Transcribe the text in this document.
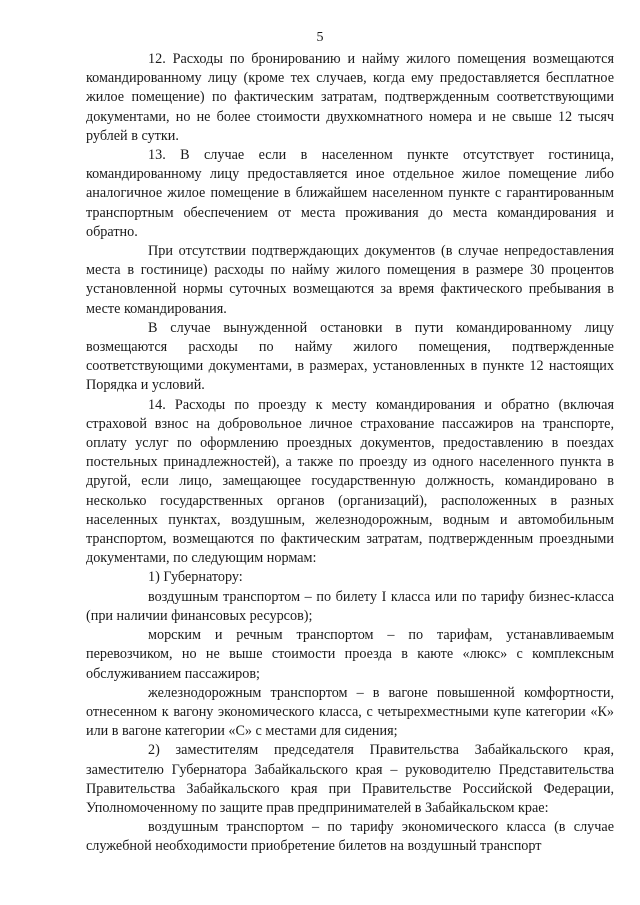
5

12. Расходы по бронированию и найму жилого помещения возмещаются командированному лицу (кроме тех случаев, когда ему предоставляется бесплатное жилое помещение) по фактическим затратам, подтвержденным соответствующими документами, но не более стоимости двухкомнатного номера и не свыше 12 тысяч рублей в сутки.

13. В случае если в населенном пункте отсутствует гостиница, командированному лицу предоставляется иное отдельное жилое помещение либо аналогичное жилое помещение в ближайшем населенном пункте с гарантированным транспортным обеспечением от места проживания до места командирования и обратно.

При отсутствии подтверждающих документов (в случае непредоставления места в гостинице) расходы по найму жилого помещения в размере 30 процентов установленной нормы суточных возмещаются за время фактического пребывания в месте командирования.

В случае вынужденной остановки в пути командированному лицу возмещаются расходы по найму жилого помещения, подтвержденные соответствующими документами, в размерах, установленных в пункте 12 настоящих Порядка и условий.

14. Расходы по проезду к месту командирования и обратно (включая страховой взнос на добровольное личное страхование пассажиров на транспорте, оплату услуг по оформлению проездных документов, предоставлению в поездах постельных принадлежностей), а также по проезду из одного населенного пункта в другой, если лицо, замещающее государственную должность, командировано в несколько государственных органов (организаций), расположенных в разных населенных пунктах, воздушным, железнодорожным, водным и автомобильным транспортом, возмещаются по фактическим затратам, подтвержденным проездными документами, по следующим нормам:

1) Губернатору:

воздушным транспортом – по билету I класса или по тарифу бизнес-класса (при наличии финансовых ресурсов);

морским и речным транспортом – по тарифам, устанавливаемым перевозчиком, но не выше стоимости проезда в каюте «люкс» с комплексным обслуживанием пассажиров;

железнодорожным транспортом – в вагоне повышенной комфортности, отнесенном к вагону экономического класса, с четырехместными купе категории «К» или в вагоне категории «С» с местами для сидения;

2) заместителям председателя Правительства Забайкальского края, заместителю Губернатора Забайкальского края – руководителю Представительства Правительства Забайкальского края при Правительстве Российской Федерации, Уполномоченному по защите прав предпринимателей в Забайкальском крае:

воздушным транспортом – по тарифу экономического класса (в случае служебной необходимости приобретение билетов на воздушный транспорт
